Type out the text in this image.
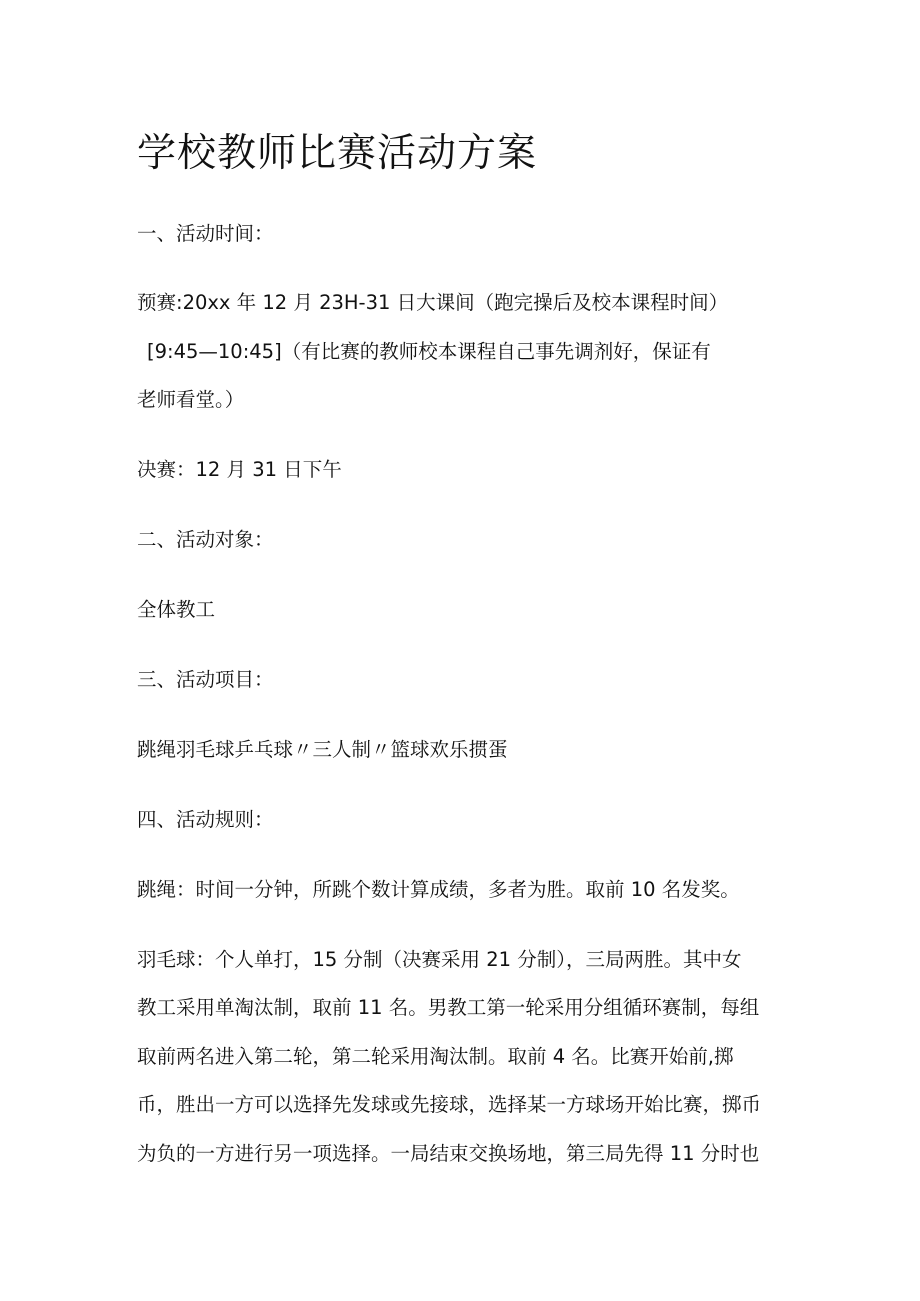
学校教师比赛活动方案
一、活动时间：
预赛:20xx 年 12 月 23H-31 日大课间（跑完操后及校本课程时间）
[9:45—10:45]（有比赛的教师校本课程自己事先调剂好，保证有
老师看堂。）
决赛：12 月 31 日下午
二、活动对象：
全体教工
三、活动项目：
跳绳羽毛球乒乓球〃三人制〃篮球欢乐掼蛋
四、活动规则：
跳绳：时间一分钟，所跳个数计算成绩，多者为胜。取前 10 名发奖。
羽毛球：个人单打，15 分制（决赛采用 21 分制），三局两胜。其中女
教工采用单淘汰制，取前 11 名。男教工第一轮采用分组循环赛制，每组
取前两名进入第二轮，第二轮采用淘汰制。取前 4 名。比赛开始前,掷
币，胜出一方可以选择先发球或先接球，选择某一方球场开始比赛，掷币
为负的一方进行另一项选择。一局结束交换场地，第三局先得 11 分时也
